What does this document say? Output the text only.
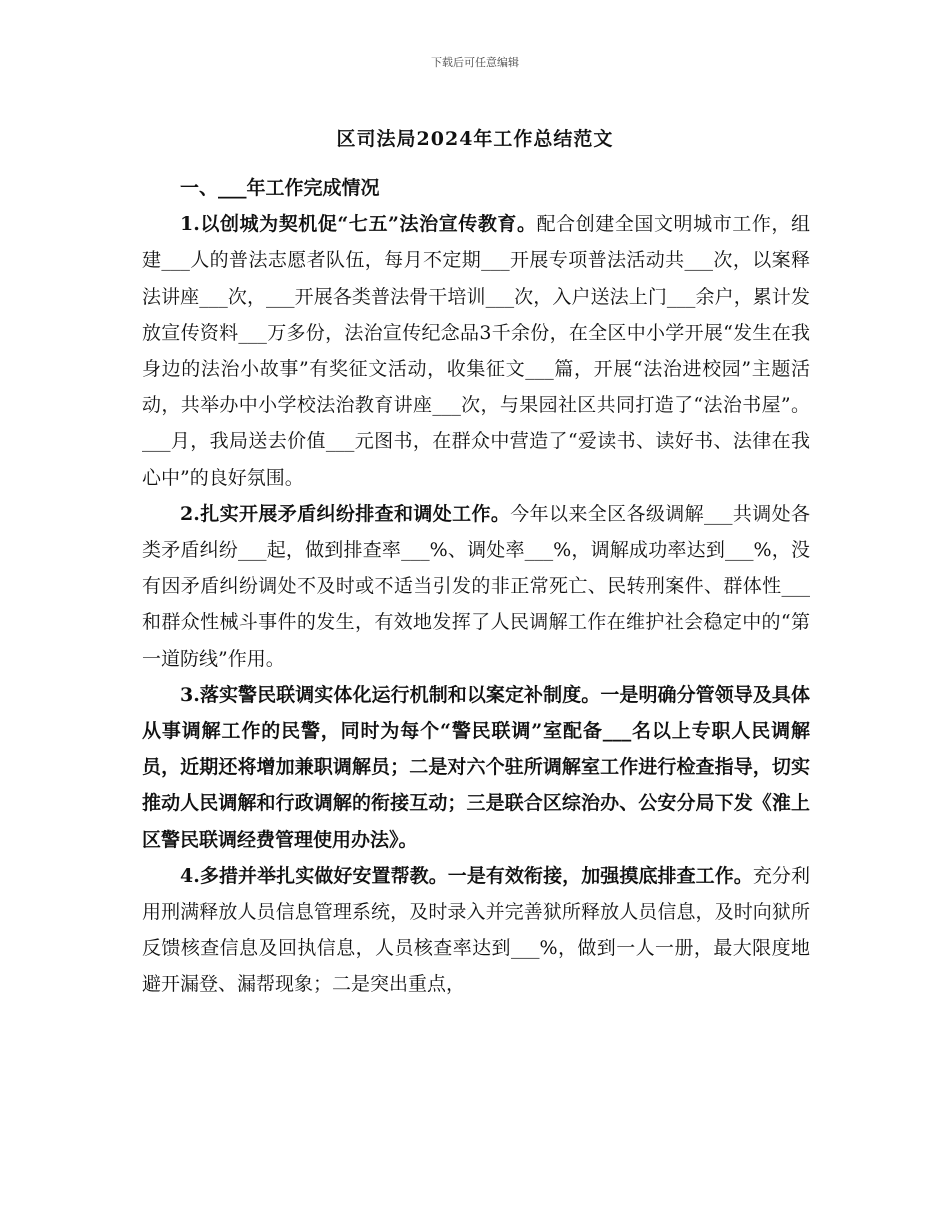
下载后可任意编辑
区司法局2024年工作总结范文

一、___年工作完成情况

1.以创城为契机促“七五”法治宣传教育。配合创建全国文明城市工作，组建___人的普法志愿者队伍，每月不定期___开展专项普法活动共___次，以案释法讲座___次，___开展各类普法骨干培训___次，入户送法上门___余户，累计发放宣传资料___万多份，法治宣传纪念品3千余份，在全区中小学开展“发生在我身边的法治小故事”有奖征文活动，收集征文___篇，开展“法治进校园”主题活动，共举办中小学校法治教育讲座___次，与果园社区共同打造了“法治书屋”。___月，我局送去价值___元图书，在群众中营造了“爱读书、读好书、法律在我心中”的良好氛围。

2.扎实开展矛盾纠纷排查和调处工作。今年以来全区各级调解___共调处各类矛盾纠纷___起，做到排查率___%、调处率___%，调解成功率达到___%，没有因矛盾纠纷调处不及时或不适当引发的非正常死亡、民转刑案件、群体性___和群众性械斗事件的发生，有效地发挥了人民调解工作在维护社会稳定中的“第一道防线”作用。

3.落实警民联调实体化运行机制和以案定补制度。一是明确分管领导及具体从事调解工作的民警，同时为每个“警民联调”室配备___名以上专职人民调解员，近期还将增加兼职调解员；二是对六个驻所调解室工作进行检查指导，切实推动人民调解和行政调解的衔接互动；三是联合区综治办、公安分局下发《淮上区警民联调经费管理使用办法》。

4.多措并举扎实做好安置帮教。一是有效衔接，加强摸底排查工作。充分利用刑满释放人员信息管理系统，及时录入并完善狱所释放人员信息，及时向狱所反馈核查信息及回执信息，人员核查率达到___%，做到一人一册，最大限度地避开漏登、漏帮现象；二是突出重点，
